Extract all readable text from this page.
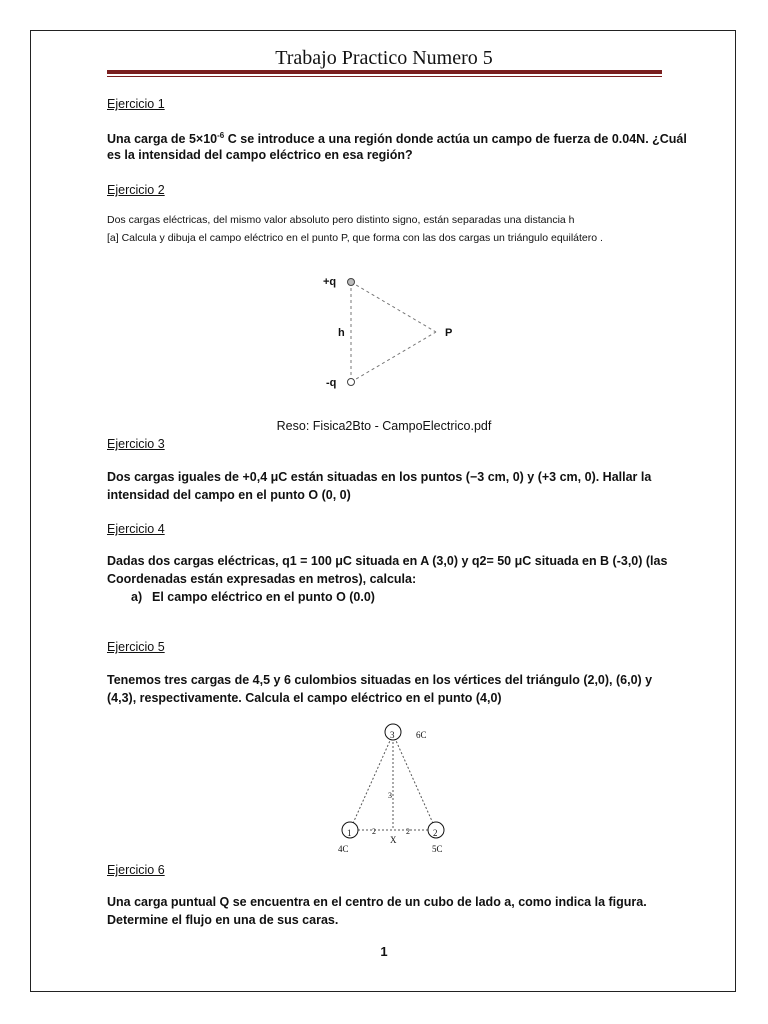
Trabajo Practico Numero 5
Ejercicio 1
Una carga de $5\times 10^{-6}$ C se introduce a una región donde actúa un campo de fuerza de 0.04N. ¿Cuál
es la intensidad del campo eléctrico en esa región?
Ejercicio 2
Dos cargas eléctricas, del mismo valor absoluto pero distinto signo, están separadas una distancia h
[a] Calcula y dibuja el campo eléctrico en el punto P, que forma con las dos cargas un triángulo equilátero .
+q
-q
h	P
Reso: Fisica2Bto - CampoElectrico.pdf
Ejercicio 3
Dos cargas iguales de +0,4 μC están situadas en los puntos (−3 cm, 0) y (+3 cm, 0). Hallar la
intensidad del campo en el punto O (0, 0)
Ejercicio 4
Dadas dos cargas eléctricas, q1 = 100 μC situada en A (3,0) y q2= 50 μC situada en B (-3,0) (las
Coordenadas están expresadas en metros), calcula:
a) El campo eléctrico en el punto O (0.0)
Ejercicio 5
Tenemos tres cargas de 4,5 y 6 culombios situadas en los vértices del triángulo (2,0), (6,0) y
(4,3), respectivamente. Calcula el campo eléctrico en el punto (4,0)
3
1	2
6C
4C	5C
3
2	2
X
Ejercicio 6
Una carga puntual Q se encuentra en el centro de un cubo de lado a, como indica la figura.
Determine el flujo en una de sus caras.
1
